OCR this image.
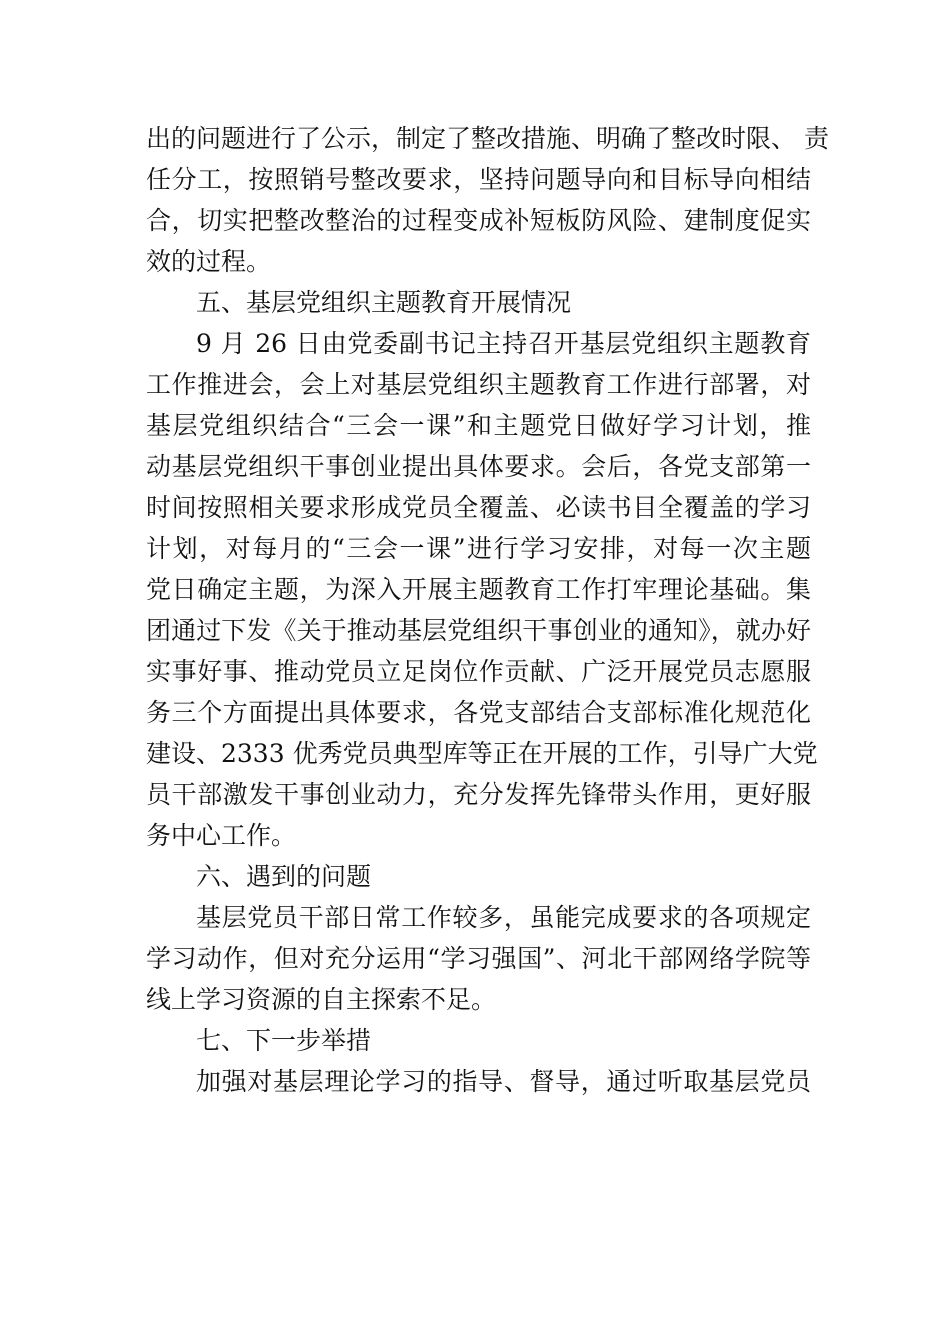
出的问题进行了公示，制定了整改措施、明确了整改时限、 责
任分工，按照销号整改要求，坚持问题导向和目标导向相结
合，切实把整改整治的过程变成补短板防风险、建制度促实
效的过程。
五、基层党组织主题教育开展情况
9 月 26 日由党委副书记主持召开基层党组织主题教育
工作推进会，会上对基层党组织主题教育工作进行部署，对
基层党组织结合“三会一课”和主题党日做好学习计划，推
动基层党组织干事创业提出具体要求。会后，各党支部第一
时间按照相关要求形成党员全覆盖、必读书目全覆盖的学习
计划，对每月的“三会一课”进行学习安排，对每一次主题
党日确定主题，为深入开展主题教育工作打牢理论基础。集
团通过下发《关于推动基层党组织干事创业的通知》，就办好
实事好事、推动党员立足岗位作贡献、广泛开展党员志愿服
务三个方面提出具体要求，各党支部结合支部标准化规范化
建设、2333 优秀党员典型库等正在开展的工作，引导广大党
员干部激发干事创业动力，充分发挥先锋带头作用，更好服
务中心工作。
六、遇到的问题
基层党员干部日常工作较多，虽能完成要求的各项规定
学习动作，但对充分运用“学习强国”、河北干部网络学院等
线上学习资源的自主探索不足。
七、下一步举措
加强对基层理论学习的指导、督导，通过听取基层党员
